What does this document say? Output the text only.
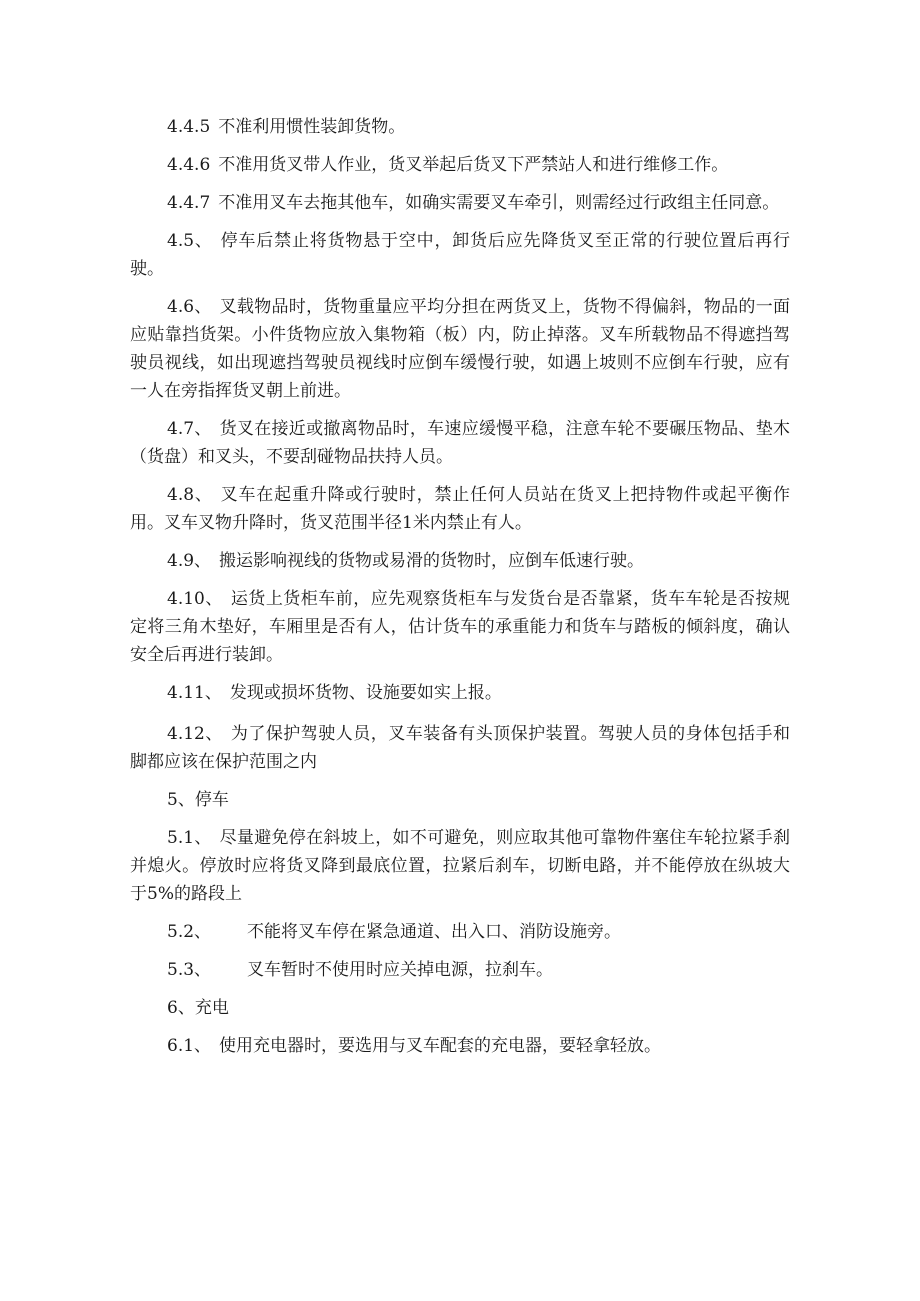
4.4.5 不准利用惯性装卸货物。

4.4.6 不准用货叉带人作业，货叉举起后货叉下严禁站人和进行维修工作。

4.4.7 不准用叉车去拖其他车，如确实需要叉车牵引，则需经过行政组主任同意。

4.5、 停车后禁止将货物悬于空中，卸货后应先降货叉至正常的行驶位置后再行驶。

4.6、 叉载物品时，货物重量应平均分担在两货叉上，货物不得偏斜，物品的一面应贴靠挡货架。小件货物应放入集物箱（板）内，防止掉落。叉车所载物品不得遮挡驾驶员视线，如出现遮挡驾驶员视线时应倒车缓慢行驶，如遇上坡则不应倒车行驶，应有一人在旁指挥货叉朝上前进。

4.7、 货叉在接近或撤离物品时，车速应缓慢平稳，注意车轮不要碾压物品、垫木（货盘）和叉头，不要刮碰物品扶持人员。

4.8、 叉车在起重升降或行驶时，禁止任何人员站在货叉上把持物件或起平衡作用。叉车叉物升降时，货叉范围半径1米内禁止有人。

4.9、 搬运影响视线的货物或易滑的货物时，应倒车低速行驶。

4.10、 运货上货柜车前，应先观察货柜车与发货台是否靠紧，货车车轮是否按规定将三角木垫好，车厢里是否有人，估计货车的承重能力和货车与踏板的倾斜度，确认安全后再进行装卸。

4.11、 发现或损坏货物、设施要如实上报。

4.12、 为了保护驾驶人员，叉车装备有头顶保护装置。驾驶人员的身体包括手和脚都应该在保护范围之内

5、停车

5.1、 尽量避免停在斜坡上，如不可避免，则应取其他可靠物件塞住车轮拉紧手刹并熄火。停放时应将货叉降到最底位置，拉紧后刹车，切断电路，并不能停放在纵坡大于5%的路段上

5.2、 不能将叉车停在紧急通道、出入口、消防设施旁。

5.3、 叉车暂时不使用时应关掉电源，拉刹车。

6、充电

6.1、 使用充电器时，要选用与叉车配套的充电器，要轻拿轻放。
